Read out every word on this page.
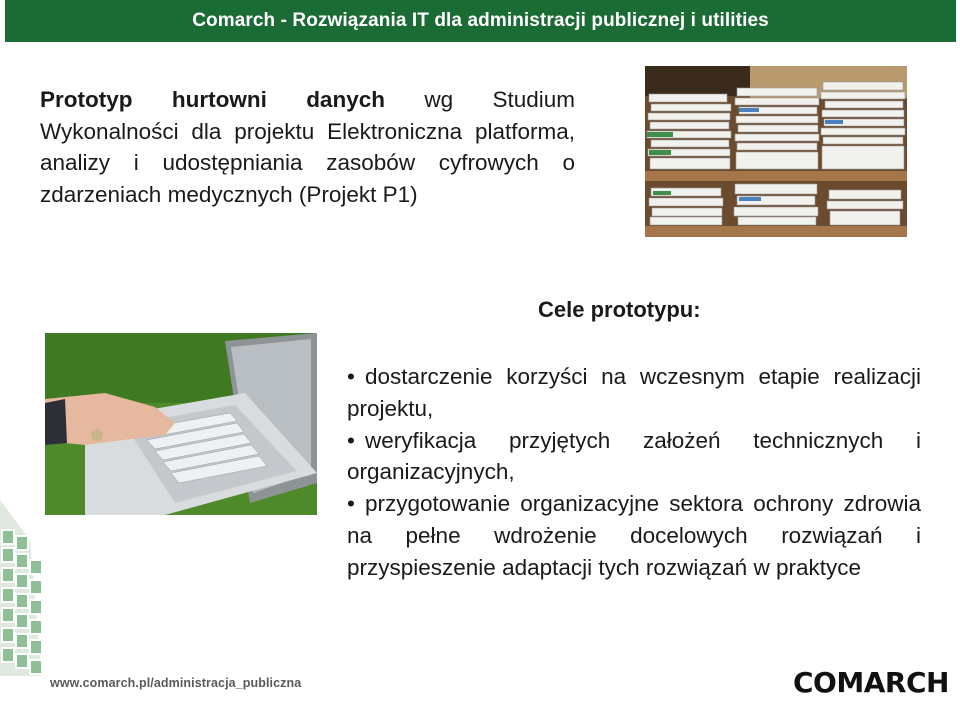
Comarch - Rozwiązania IT dla administracji publicznej i utilities
Prototyp hurtowni danych wg Studium Wykonalności dla projektu Elektroniczna platforma, analizy i udostępniania zasobów cyfrowych o zdarzeniach medycznych (Projekt P1)
Cele prototypu:

• dostarczenie korzyści na wczesnym etapie realizacji projektu,

• weryfikacja przyjętych założeń technicznych i organizacyjnych,

• przygotowanie organizacyjne sektora ochrony zdrowia na pełne wdrożenie docelowych rozwiązań i przyspieszenie adaptacji tych rozwiązań w praktyce

www.comarch.pl/administracja_publiczna	COMARCH
